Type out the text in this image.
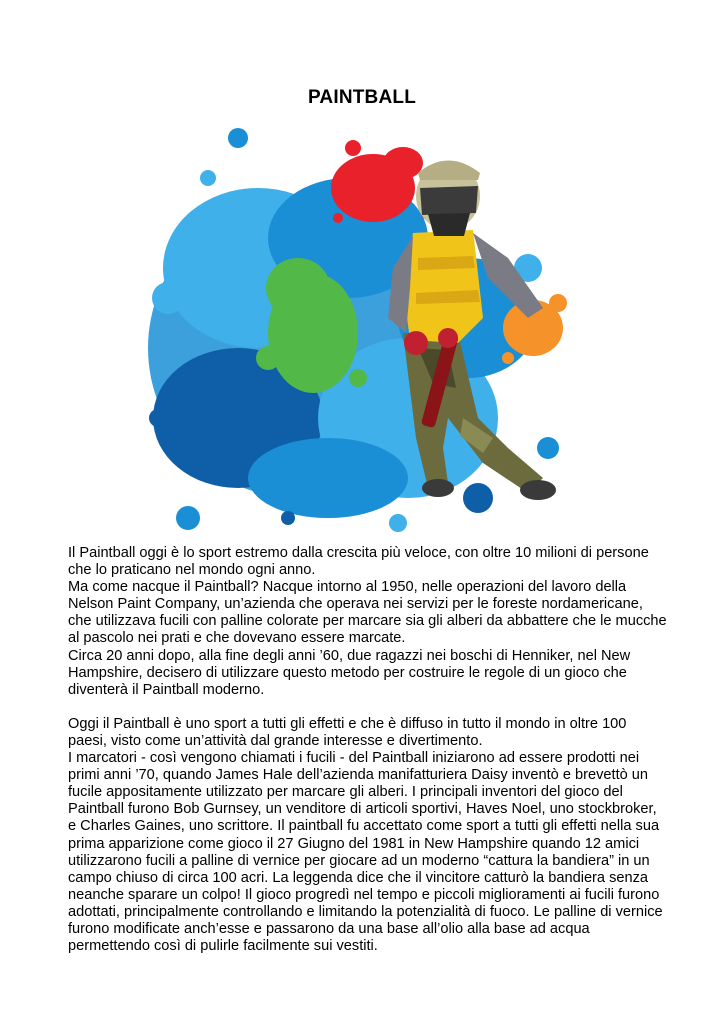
PAINTBALL

Il Paintball oggi è lo sport estremo dalla crescita più veloce, con oltre 10 milioni di persone che lo praticano nel mondo ogni anno.

Ma come nacque il Paintball? Nacque intorno al 1950, nelle operazioni del lavoro della Nelson Paint Company, un’azienda che operava nei servizi per le foreste nordamericane, che utilizzava fucili con palline colorate per marcare sia gli alberi da abbattere che le mucche al pascolo nei prati e che dovevano essere marcate.

Circa 20 anni dopo, alla fine degli anni ’60, due ragazzi nei boschi di Henniker, nel New Hampshire, decisero di utilizzare questo metodo per costruire le regole di un gioco che diventerà il Paintball moderno.

Oggi il Paintball è uno sport a tutti gli effetti e che è diffuso in tutto il mondo in oltre 100 paesi, visto come un’attività dal grande interesse e divertimento.

I marcatori - così vengono chiamati i fucili - del Paintball iniziarono ad essere prodotti nei primi anni ’70, quando James Hale dell’azienda manifatturiera Daisy inventò e brevettò un fucile appositamente utilizzato per marcare gli alberi. I principali inventori del gioco del Paintball furono Bob Gurnsey, un venditore di articoli sportivi, Haves Noel, uno stockbroker, e Charles Gaines, uno scrittore. Il paintball fu accettato come sport a tutti gli effetti nella sua prima apparizione come gioco il 27 Giugno del 1981 in New Hampshire quando 12 amici utilizzarono fucili a palline di vernice per giocare ad un moderno “cattura la bandiera” in un campo chiuso di circa 100 acri. La leggenda dice che il vincitore catturò la bandiera senza neanche sparare un colpo! Il gioco progredì nel tempo e piccoli miglioramenti ai fucili furono adottati, principalmente controllando e limitando la potenzialità di fuoco. Le palline di vernice furono modificate anch’esse e passarono da una base all’olio alla base ad acqua permettendo così di pulirle facilmente sui vestiti.
